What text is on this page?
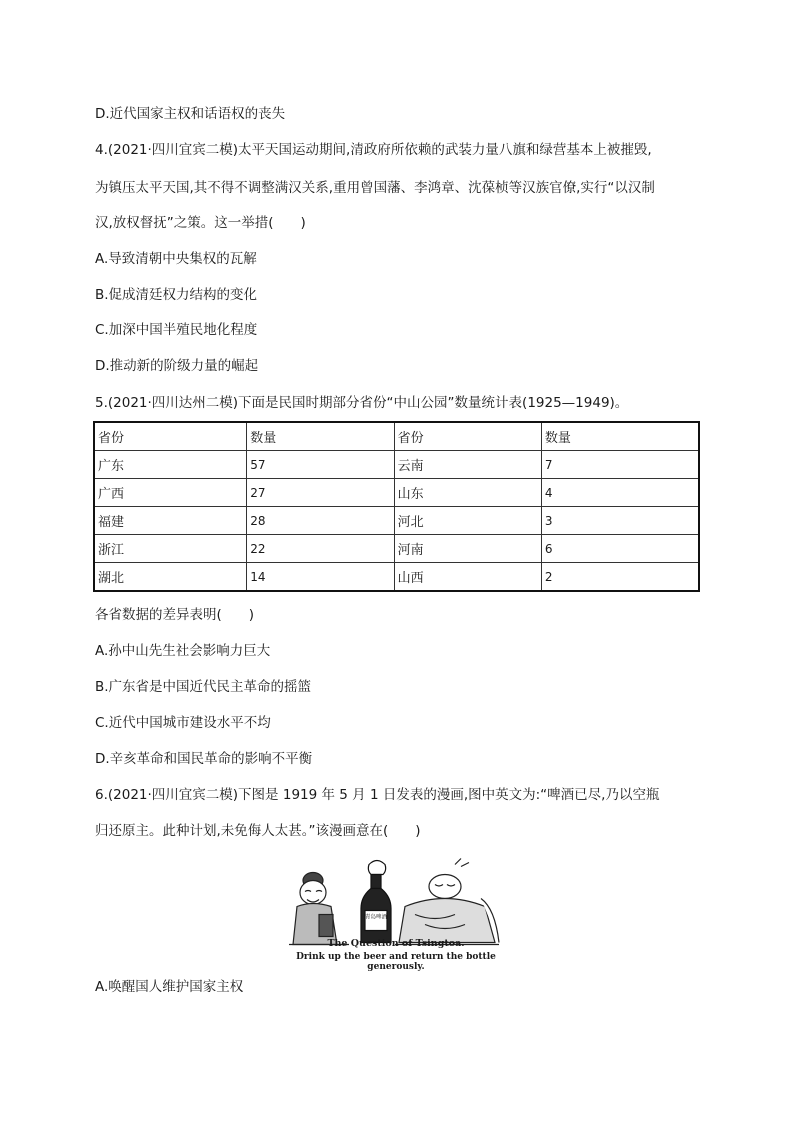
D.近代国家主权和话语权的丧失
4.(2021·四川宜宾二模)太平天国运动期间,清政府所依赖的武装力量八旗和绿营基本上被摧毁,
为镇压太平天国,其不得不调整满汉关系,重用曾国藩、李鸿章、沈葆桢等汉族官僚,实行“以汉制
汉,放权督抚”之策。这一举措(　　)
A.导致清朝中央集权的瓦解
B.促成清廷权力结构的变化
C.加深中国半殖民地化程度
D.推动新的阶级力量的崛起
5.(2021·四川达州二模)下面是民国时期部分省份“中山公园”数量统计表(1925—1949)。
省份	数量	省份	数量
广东	57	云南	7
广西	27	山东	4
福建	28	河北	3
浙江	22	河南	6
湖北	14	山西	2
各省数据的差异表明(　　)
A.孙中山先生社会影响力巨大
B.广东省是中国近代民主革命的摇篮
C.近代中国城市建设水平不均
D.辛亥革命和国民革命的影响不平衡
6.(2021·四川宜宾二模)下图是 1919 年 5 月 1 日发表的漫画,图中英文为:“啤酒已尽,乃以空瓶
归还原主。此种计划,未免侮人太甚。”该漫画意在(　　)
青岛啤酒
The Question of Tsingtoa.
Drink up the beer and return the bottle generously.
A.唤醒国人维护国家主权
